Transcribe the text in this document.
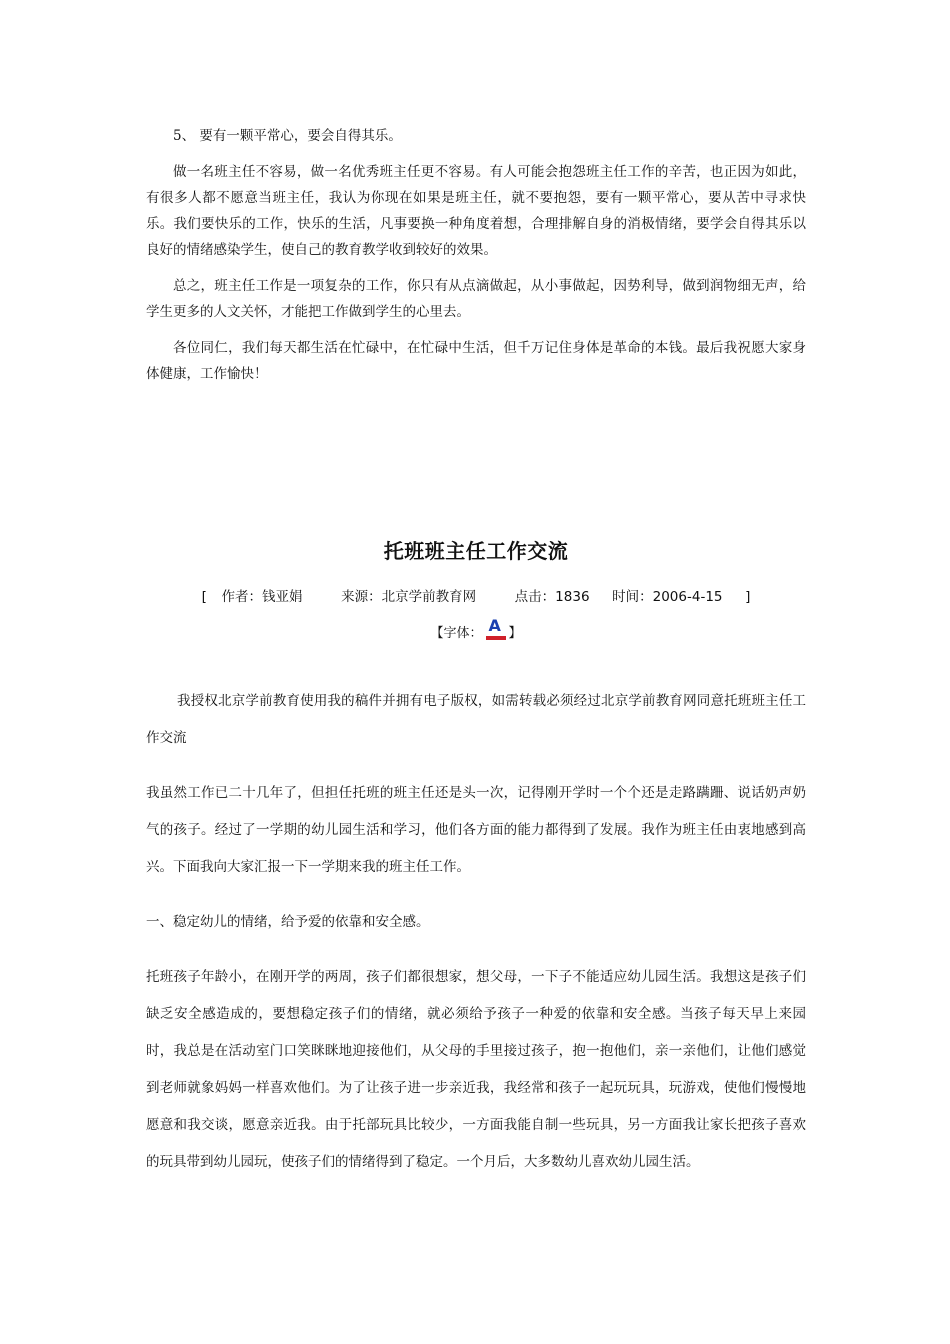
5、 要有一颗平常心，要会自得其乐。

做一名班主任不容易，做一名优秀班主任更不容易。有人可能会抱怨班主任工作的辛苦，也正因为如此，有很多人都不愿意当班主任，我认为你现在如果是班主任，就不要抱怨，要有一颗平常心，要从苦中寻求快乐。我们要快乐的工作，快乐的生活，凡事要换一种角度着想，合理排解自身的消极情绪，要学会自得其乐以良好的情绪感染学生，使自己的教育教学收到较好的效果。

总之，班主任工作是一项复杂的工作，你只有从点滴做起，从小事做起，因势利导，做到润物细无声，给学生更多的人文关怀，才能把工作做到学生的心里去。

各位同仁，我们每天都生活在忙碌中，在忙碌中生活，但千万记住身体是革命的本钱。最后我祝愿大家身体健康，工作愉快！

托班班主任工作交流
[ 作者：钱亚娟	来源：北京学前教育网	点击：1836 时间：2006-4-15 ]
【字体： A 】

我授权北京学前教育使用我的稿件并拥有电子版权，如需转载必须经过北京学前教育网同意托班班主任工作交流

我虽然工作已二十几年了，但担任托班的班主任还是头一次，记得刚开学时一个个还是走路蹒跚、说话奶声奶气的孩子。经过了一学期的幼儿园生活和学习，他们各方面的能力都得到了发展。我作为班主任由衷地感到高兴。下面我向大家汇报一下一学期来我的班主任工作。

一、稳定幼儿的情绪，给予爱的依靠和安全感。

托班孩子年龄小，在刚开学的两周，孩子们都很想家，想父母，一下子不能适应幼儿园生活。我想这是孩子们缺乏安全感造成的，要想稳定孩子们的情绪，就必须给予孩子一种爱的依靠和安全感。当孩子每天早上来园时，我总是在活动室门口笑眯眯地迎接他们，从父母的手里接过孩子，抱一抱他们，亲一亲他们，让他们感觉到老师就象妈妈一样喜欢他们。为了让孩子进一步亲近我，我经常和孩子一起玩玩具，玩游戏，使他们慢慢地愿意和我交谈，愿意亲近我。由于托部玩具比较少，一方面我能自制一些玩具，另一方面我让家长把孩子喜欢的玩具带到幼儿园玩，使孩子们的情绪得到了稳定。一个月后，大多数幼儿喜欢幼儿园生活。
